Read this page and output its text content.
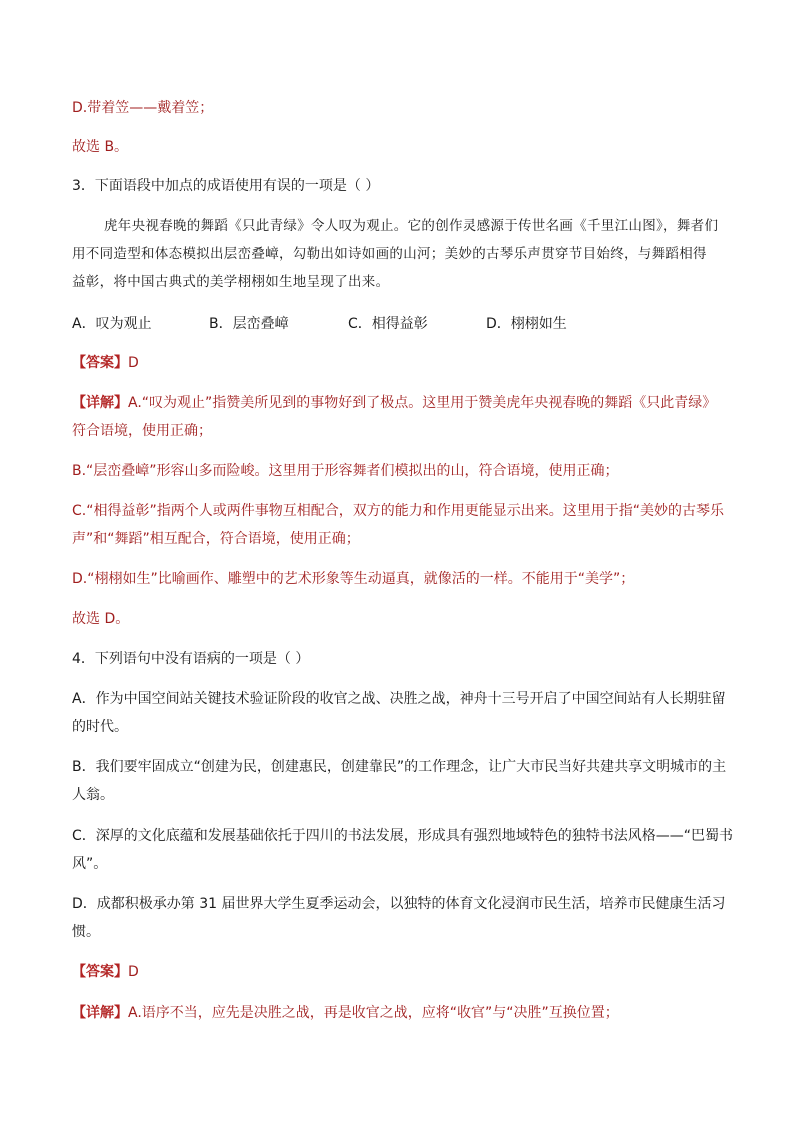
D.带着笠——戴着笠；
故选 B。
3．下面语段中加点的成语使用有误的一项是（ ）
虎年央视春晚的舞蹈《只此青绿》令人叹为观止。它的创作灵感源于传世名画《千里江山图》，舞者们
用不同造型和体态模拟出层峦叠嶂，勾勒出如诗如画的山河；美妙的古琴乐声贯穿节目始终，与舞蹈相得
益彰，将中国古典式的美学栩栩如生地呈现了出来。
A．叹为观止	B．层峦叠嶂	C．相得益彰	D．栩栩如生
【答案】D
【详解】A.“叹为观止”指赞美所见到的事物好到了极点。这里用于赞美虎年央视春晚的舞蹈《只此青绿》
符合语境，使用正确；
B.“层峦叠嶂”形容山多而险峻。这里用于形容舞者们模拟出的山，符合语境，使用正确；
C.“相得益彰”指两个人或两件事物互相配合，双方的能力和作用更能显示出来。这里用于指“美妙的古琴乐
声”和“舞蹈”相互配合，符合语境，使用正确；
D.“栩栩如生”比喻画作、雕塑中的艺术形象等生动逼真，就像活的一样。不能用于“美学”；
故选 D。
4．下列语句中没有语病的一项是（ ）
A．作为中国空间站关键技术验证阶段的收官之战、决胜之战，神舟十三号开启了中国空间站有人长期驻留
的时代。
B．我们要牢固成立“创建为民，创建惠民，创建靠民”的工作理念，让广大市民当好共建共享文明城市的主
人翁。
C．深厚的文化底蕴和发展基础依托于四川的书法发展，形成具有强烈地域特色的独特书法风格——“巴蜀书
风”。
D．成都积极承办第 31 届世界大学生夏季运动会，以独特的体育文化浸润市民生活，培养市民健康生活习
惯。
【答案】D
【详解】A.语序不当，应先是决胜之战，再是收官之战，应将“收官”与“决胜”互换位置；
